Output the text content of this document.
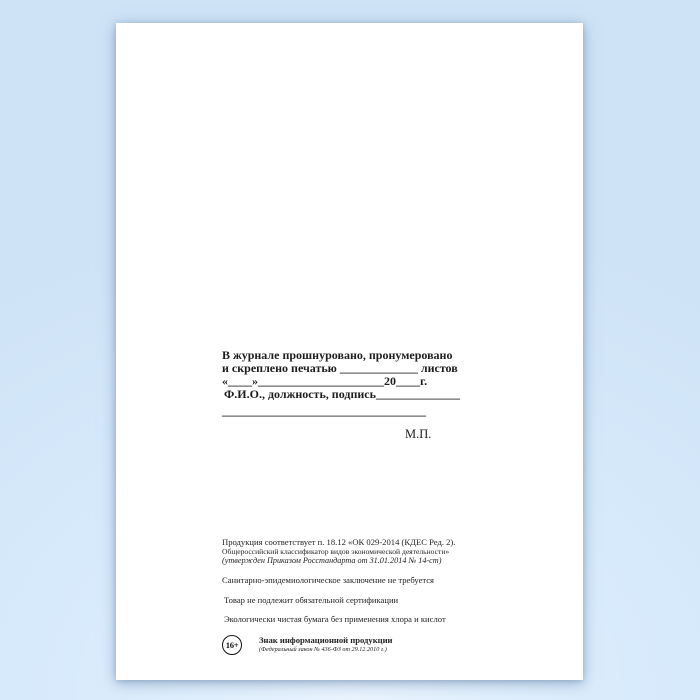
В журнале прошнуровано, пронумеровано
и скреплено печатью _____________ листов
«____»_____________________20____г.
Ф.И.О., должность, подпись______________
__________________________________
М.П.
Продукция соответствует п. 18.12 «ОК 029-2014 (КДЕС Ред. 2).
Общероссийский классификатор видов экономической деятельности»
(утвержден Приказом Росстандарта от 31.01.2014 № 14-ст)
Санитарно-эпидемиологическое заключение не требуется
Товар не подлежит обязательной сертификации
Экологически чистая бумага без применения хлора и кислот
16+	Знак информационной продукции
(Федеральный закон № 436-ФЗ от 29.12.2010 г.)
